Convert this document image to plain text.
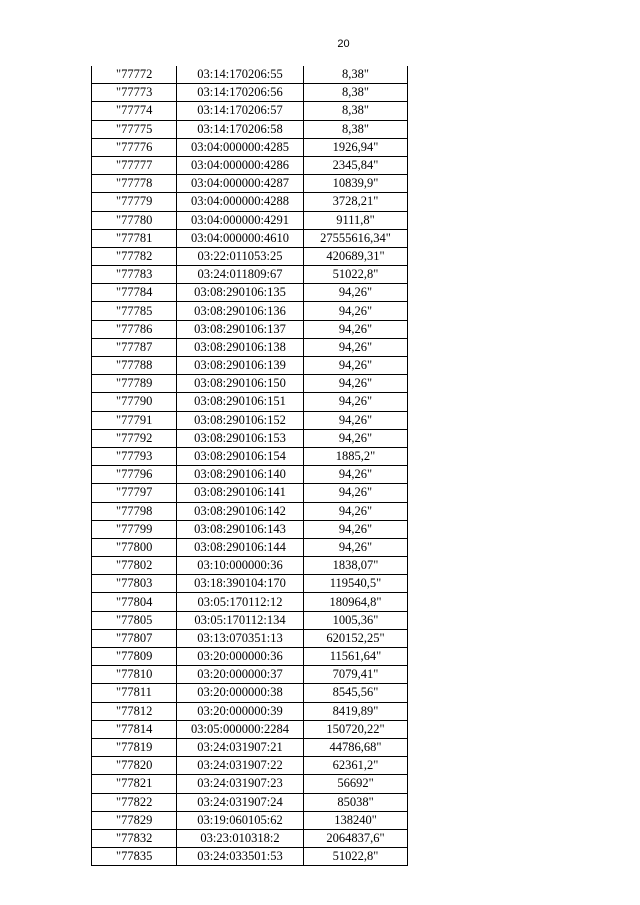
20
"77772	03:14:170206:55	8,38"
"77773	03:14:170206:56	8,38"
"77774	03:14:170206:57	8,38"
"77775	03:14:170206:58	8,38"
"77776	03:04:000000:4285	1926,94"
"77777	03:04:000000:4286	2345,84"
"77778	03:04:000000:4287	10839,9"
"77779	03:04:000000:4288	3728,21"
"77780	03:04:000000:4291	9111,8"
"77781	03:04:000000:4610	27555616,34"
"77782	03:22:011053:25	420689,31"
"77783	03:24:011809:67	51022,8"
"77784	03:08:290106:135	94,26"
"77785	03:08:290106:136	94,26"
"77786	03:08:290106:137	94,26"
"77787	03:08:290106:138	94,26"
"77788	03:08:290106:139	94,26"
"77789	03:08:290106:150	94,26"
"77790	03:08:290106:151	94,26"
"77791	03:08:290106:152	94,26"
"77792	03:08:290106:153	94,26"
"77793	03:08:290106:154	1885,2"
"77796	03:08:290106:140	94,26"
"77797	03:08:290106:141	94,26"
"77798	03:08:290106:142	94,26"
"77799	03:08:290106:143	94,26"
"77800	03:08:290106:144	94,26"
"77802	03:10:000000:36	1838,07"
"77803	03:18:390104:170	119540,5"
"77804	03:05:170112:12	180964,8"
"77805	03:05:170112:134	1005,36"
"77807	03:13:070351:13	620152,25"
"77809	03:20:000000:36	11561,64"
"77810	03:20:000000:37	7079,41"
"77811	03:20:000000:38	8545,56"
"77812	03:20:000000:39	8419,89"
"77814	03:05:000000:2284	150720,22"
"77819	03:24:031907:21	44786,68"
"77820	03:24:031907:22	62361,2"
"77821	03:24:031907:23	56692"
"77822	03:24:031907:24	85038"
"77829	03:19:060105:62	138240"
"77832	03:23:010318:2	2064837,6"
"77835	03:24:033501:53	51022,8"
